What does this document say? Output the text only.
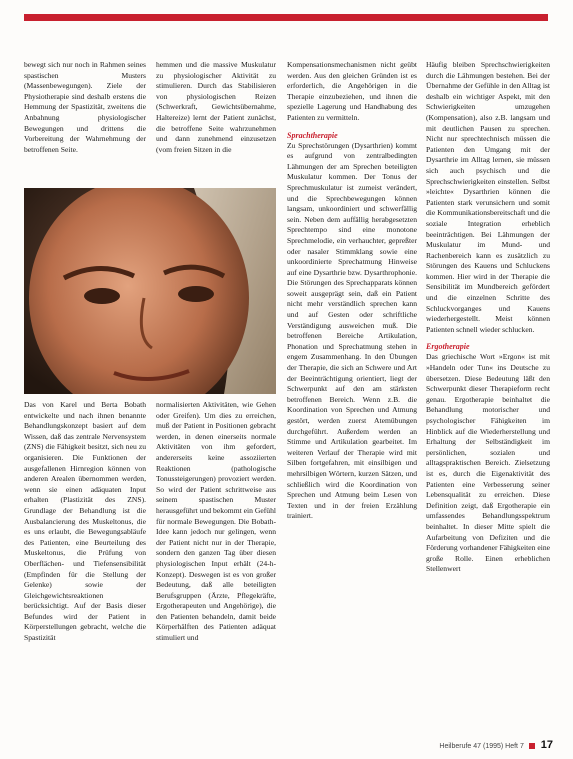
bewegt sich nur noch in Rahmen seines spastischen Musters (Massenbewegungen). Ziele der Physiotherapie sind deshalb erstens die Hemmung der Spastizität, zweitens die Anbahnung physiologischer Bewegungen und drittens die Vorbereitung der Wahrnehmung der betroffenen Seite.

hemmen und die massive Muskulatur zu physiologischer Aktivität zu stimulieren. Durch das Stabilisieren von physiologischen Reizen (Schwerkraft, Gewichtsübernahme, Haltereize) lernt der Patient zunächst, die betroffene Seite wahrzunehmen und dann zunehmend einzusetzen (vom freien Sitzen in die

Das von Karel und Berta Bobath entwickelte und nach ihnen benannte Behandlungskonzept basiert auf dem Wissen, daß das zentrale Nervensystem (ZNS) die Fähigkeit besitzt, sich neu zu organisieren. Die Funktionen der ausgefallenen Hirnregion können von anderen Arealen übernommen werden, wenn sie einen adäquaten Input erhalten (Plastizität des ZNS). Grundlage der Behandlung ist die Ausbalancierung des Muskeltonus, die es uns erlaubt, die Bewegungsabläufe des Patienten, eine Beurteilung des Muskeltonus, die Prüfung von Oberflächen- und Tiefensensibilität (Empfinden für die Stellung der Gelenke) sowie der Gleichgewichtsreaktionen berücksichtigt. Auf der Basis dieser Befundes wird der Patient in Körperstellungen gebracht, welche die Spastizität

normalisierten Aktivitäten, wie Gehen oder Greifen). Um dies zu erreichen, muß der Patient in Positionen gebracht werden, in denen einerseits normale Aktivitäten von ihm gefordert, andererseits keine assoziierten Reaktionen (pathologische Tonussteigerungen) provoziert werden. So wird der Patient schrittweise aus seinem spastischen Muster herausgeführt und bekommt ein Gefühl für normale Bewegungen. Die Bobath-Idee kann jedoch nur gelingen, wenn der Patient nicht nur in der Therapie, sondern den ganzen Tag über diesen physiologischen Input erhält (24-h-Konzept). Deswegen ist es von großer Bedeutung, daß alle beteiligten Berufsgruppen (Ärzte, Pflegekräfte, Ergotherapeuten und Angehörige), die den Patienten behandeln, damit beide Körperhälften des Patienten adäquat stimuliert und

Kompensationsmechanismen nicht geübt werden. Aus den gleichen Gründen ist es erforderlich, die Angehörigen in die Therapie einzubeziehen, und ihnen die spezielle Lagerung und Handhabung des Patienten zu vermitteln.

Sprachtherapie

Zu Sprechstörungen (Dysarthrien) kommt es aufgrund von zentralbedingten Lähmungen der am Sprechen beteiligten Muskulatur kommen. Der Tonus der Sprechmuskulatur ist zumeist verändert, und die Sprechbewegungen können langsam, unkoordiniert und schwerfällig sein. Neben dem auffällig herabgesetzten Sprechtempo sind eine monotone Sprechmelodie, ein verhauchter, gepreßter oder nasaler Stimmklang sowie eine unkoordinierte Sprechatmung Hinweise auf eine Dysarthrie bzw. Dysarthrophonie. Die Störungen des Sprechapparats können soweit ausgeprägt sein, daß ein Patient nicht mehr verständlich sprechen kann und auf Gesten oder schriftliche Verständigung ausweichen muß. Die betroffenen Bereiche Artikulation, Phonation und Sprechatmung stehen in engem Zusammenhang. In den Übungen der Therapie, die sich an Schwere und Art der Beeinträchtigung orientiert, liegt der Schwerpunkt auf den am stärksten betroffenen Bereich. Wenn z.B. die Koordination von Sprechen und Atmung gestört, werden zuerst Atemübungen durchgeführt. Außerdem werden an Stimme und Artikulation gearbeitet. Im weiteren Verlauf der Therapie wird mit Silben fortgefahren, mit einsilbigen und mehrsilbigen Wörtern, kurzen Sätzen, und schließlich wird die Koordination von Sprechen und Atmung beim Lesen von Texten und in der freien Erzählung trainiert.

Häufig bleiben Sprechschwierigkeiten durch die Lähmungen bestehen. Bei der Übernahme der Gefühle in den Alltag ist deshalb ein wichtiger Aspekt, mit den Schwierigkeiten umzugehen (Kompensation), also z.B. langsam und mit deutlichen Pausen zu sprechen. Nicht nur sprechtechnisch müssen die Patienten den Umgang mit der Dysarthrie im Alltag lernen, sie müssen sich auch psychisch und die Sprechschwierigkeiten einstellen. Selbst »leichte« Dysarthrien können die Patienten stark verunsichern und somit die Kommunikationsbereitschaft und die soziale Integration erheblich beeinträchtigen. Bei Lähmungen der Muskulatur im Mund- und Rachenbereich kann es zusätzlich zu Störungen des Kauens und Schluckens kommen. Hier wird in der Therapie die Sensibilität im Mundbereich gefördert und die einzelnen Schritte des Schluckvorganges und Kauens wiederhergestellt. Meist können Patienten schnell wieder schlucken.

Ergotherapie

Das griechische Wort »Ergon« ist mit »Handeln oder Tun« ins Deutsche zu übersetzen. Diese Bedeutung läßt den Schwerpunkt dieser Therapieform recht genau. Ergotherapie beinhaltet die Behandlung motorischer und psychologischer Fähigkeiten im Hinblick auf die Wiederherstellung und Erhaltung der Selbständigkeit im persönlichen, sozialen und alltagspraktischen Bereich. Zielsetzung ist es, durch die Eigenaktivität des Patienten eine Verbesserung seiner Lebensqualität zu erreichen. Diese Definition zeigt, daß Ergotherapie ein umfassendes Behandlungsspektrum beinhaltet. In dieser Mitte spielt die Aufarbeitung von Defiziten und die Förderung vorhandener Fähigkeiten eine große Rolle. Einen erheblichen Stellenwert

Heilberufe 47 (1995) Heft 7 17
